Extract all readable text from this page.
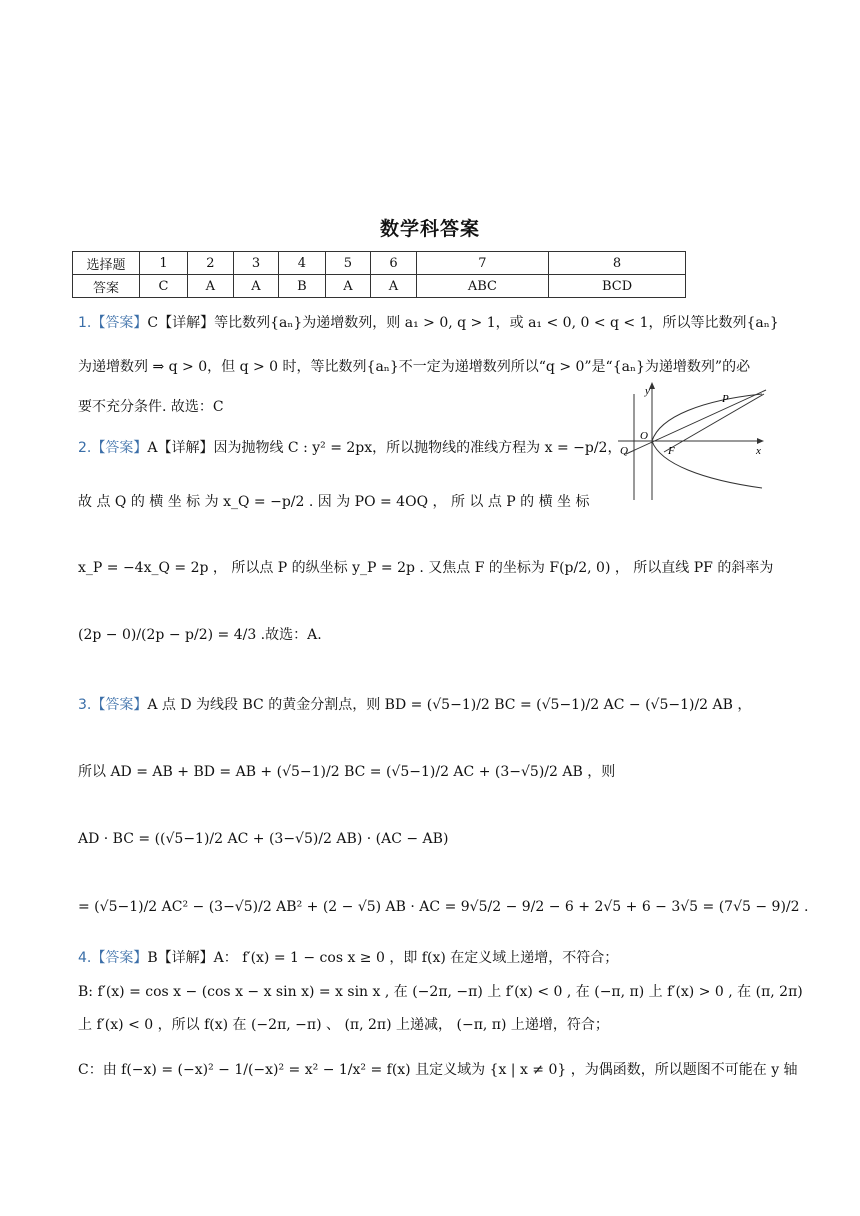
数学科答案
选择题	1	2	3	4	5	6	7	8
答案	C	A	A	B	A	A	ABC	BCD
1.【答案】C【详解】等比数列{aₙ}为递增数列，则 a₁ > 0, q > 1，或 a₁ < 0, 0 < q < 1，所以等比数列{aₙ}
为递增数列 ⇒ q > 0，但 q > 0 时，等比数列{aₙ}不一定为递增数列所以“q > 0”是“{aₙ}为递增数列”的必
要不充分条件. 故选：C
2.【答案】A【详解】因为抛物线 C : y² = 2px，所以抛物线的准线方程为 x = −p/2，
故 点 Q 的 横 坐 标 为 x_Q = −p/2 . 因 为 PO = 4OQ ， 所 以 点 P 的 横 坐 标
x_P = −4x_Q = 2p ， 所以点 P 的纵坐标 y_P = 2p . 又焦点 F 的坐标为 F(p/2, 0) ， 所以直线 PF 的斜率为
(2p − 0)/(2p − p/2) = 4/3 .故选：A.
3.【答案】A 点 D 为线段 BC 的黄金分割点，则 BD = (√5−1)/2 BC = (√5−1)/2 AC − (√5−1)/2 AB ，
所以 AD = AB + BD = AB + (√5−1)/2 BC = (√5−1)/2 AC + (3−√5)/2 AB ，则
AD · BC = ((√5−1)/2 AC + (3−√5)/2 AB) · (AC − AB)
= (√5−1)/2 AC² − (3−√5)/2 AB² + (2 − √5) AB · AC = 9√5/2 − 9/2 − 6 + 2√5 + 6 − 3√5 = (7√5 − 9)/2 .
4.【答案】B【详解】A： f′(x) = 1 − cos x ≥ 0 ，即 f(x) 在定义域上递增，不符合；
B: f′(x) = cos x − (cos x − x sin x) = x sin x , 在 (−2π, −π) 上 f′(x) < 0 , 在 (−π, π) 上 f′(x) > 0 , 在 (π, 2π)
上 f′(x) < 0 ，所以 f(x) 在 (−2π, −π) 、 (π, 2π) 上递减， (−π, π) 上递增，符合；
C：由 f(−x) = (−x)² − 1/(−x)² = x² − 1/x² = f(x) 且定义域为 {x | x ≠ 0} ，为偶函数，所以题图不可能在 y 轴
y
P
O
Q	F	x
